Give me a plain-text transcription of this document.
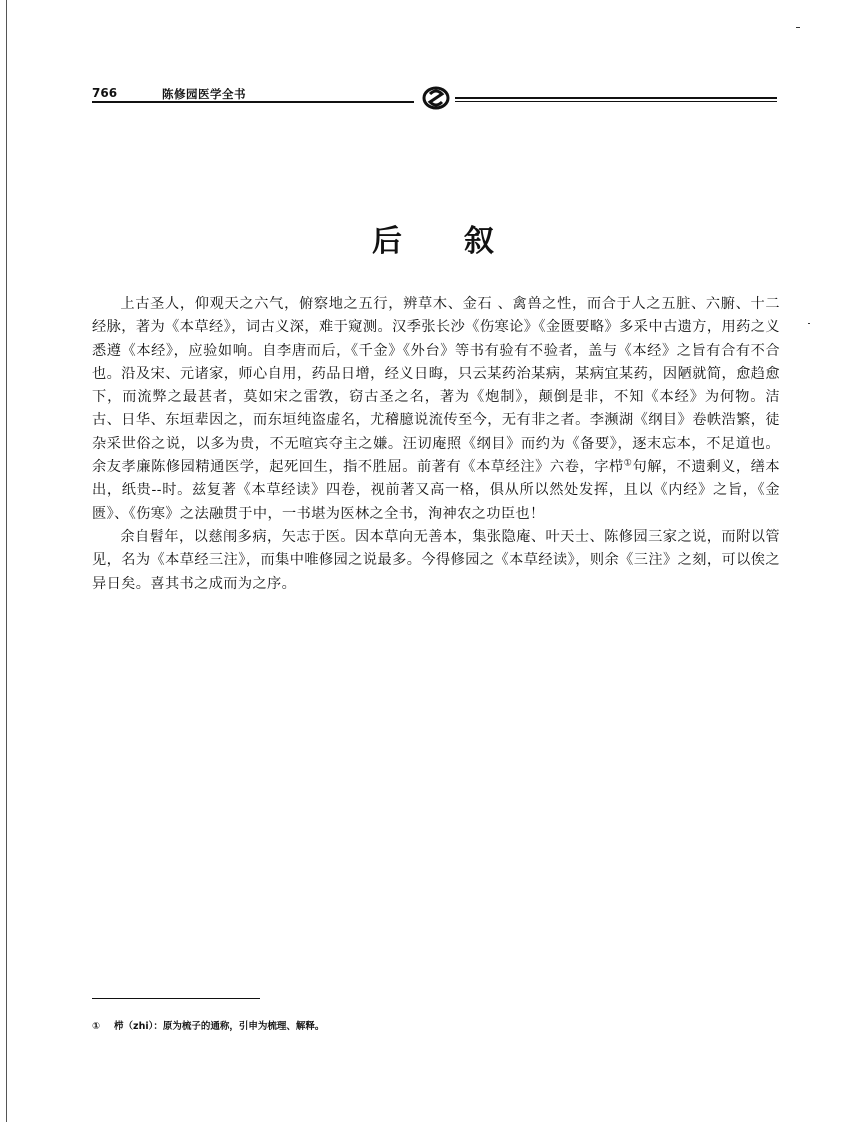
766	陈修园医学全书
后 叙

上古圣人，仰观天之六气，俯察地之五行，辨草木、金石 、禽兽之性，而合于人之五脏、六腑、十二经脉，著为《本草经》，词古义深，难于窥测。汉季张长沙《伤寒论》《金匮要略》多采中古遗方，用药之义悉遵《本经》，应验如响。自李唐而后，《千金》《外台》等书有验有不验者，盖与《本经》之旨有合有不合也。沿及宋、元诸家，师心自用，药品日增，经义日晦，只云某药治某病，某病宜某药，因陋就简，愈趋愈下，而流弊之最甚者，莫如宋之雷敩，窃古圣之名，著为《炮制》，颠倒是非，不知《本经》为何物。洁古、日华、东垣辈因之，而东垣纯盗虚名，尤稽臆说流传至今，无有非之者。李濒湖《纲目》卷帙浩繁，徒杂采世俗之说，以多为贵，不无喧宾夺主之嫌。汪讱庵照《纲目》而约为《备要》，逐末忘本，不足道也。余友孝廉陈修园精通医学，起死回生，指不胜屈。前著有《本草经注》六卷，字栉①句解，不遗剩义，缮本出，纸贵--时。兹复著《本草经读》四卷，视前著又高一格，俱从所以然处发挥，且以《内经》之旨，《金匮》、《伤寒》之法融贯于中，一书堪为医林之全书，洵神农之功臣也！

余自髫年，以慈闱多病，矢志于医。因本草向无善本，集张隐庵、叶天士、陈修园三家之说，而附以管见，名为《本草经三注》，而集中唯修园之说最多。今得修园之《本草经读》，则余《三注》之刻，可以俟之异日矣。喜其书之成而为之序。

① 栉（zhi）：原为梳子的通称，引申为梳理、解释。
